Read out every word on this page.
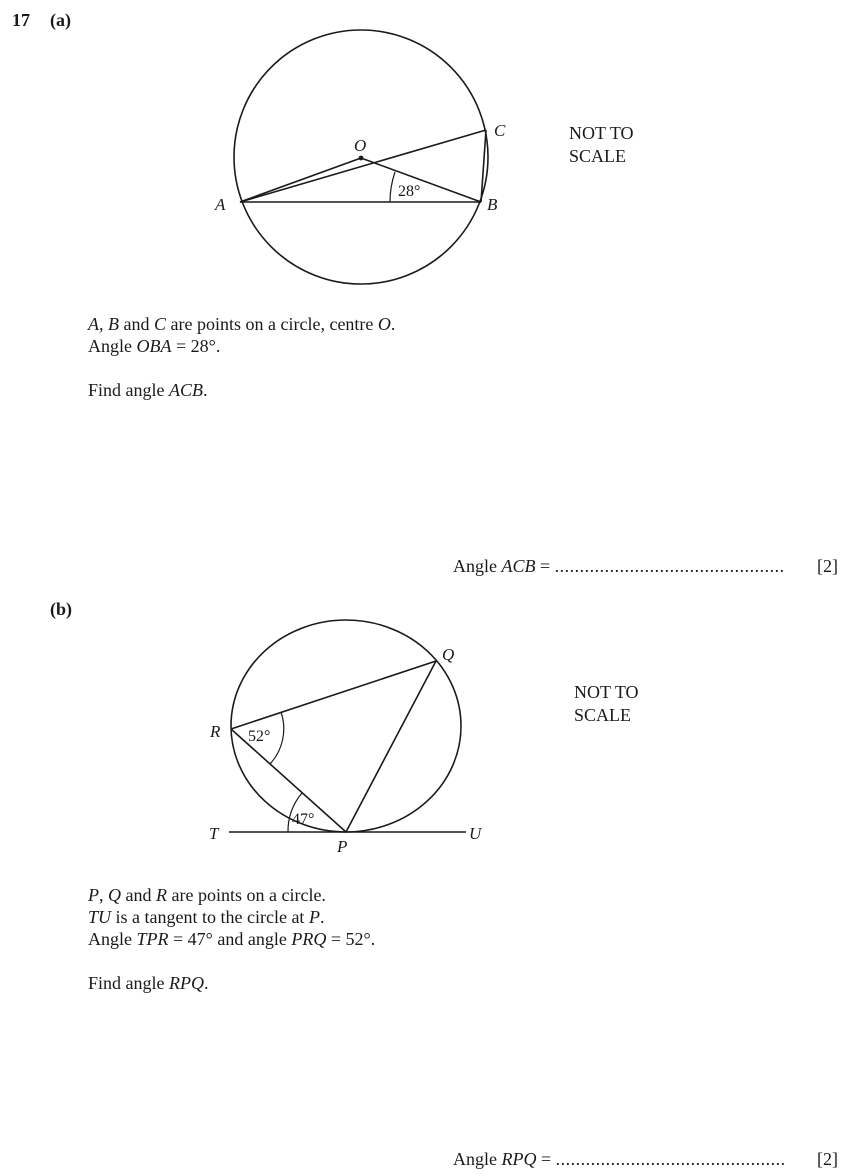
17 (a)
O
C
A	B
28°
NOT TO
SCALE
A, B and C are points on a circle, centre O.
Angle OBA = 28°.
Find angle ACB.
Angle ACB = .............................................. [2]
(b)
Q
R
T
P
U
52°
47°
NOT TO
SCALE
P, Q and R are points on a circle.
TU is a tangent to the circle at P.
Angle TPR = 47° and angle PRQ = 52°.
Find angle RPQ.
Angle RPQ = .............................................. [2]
